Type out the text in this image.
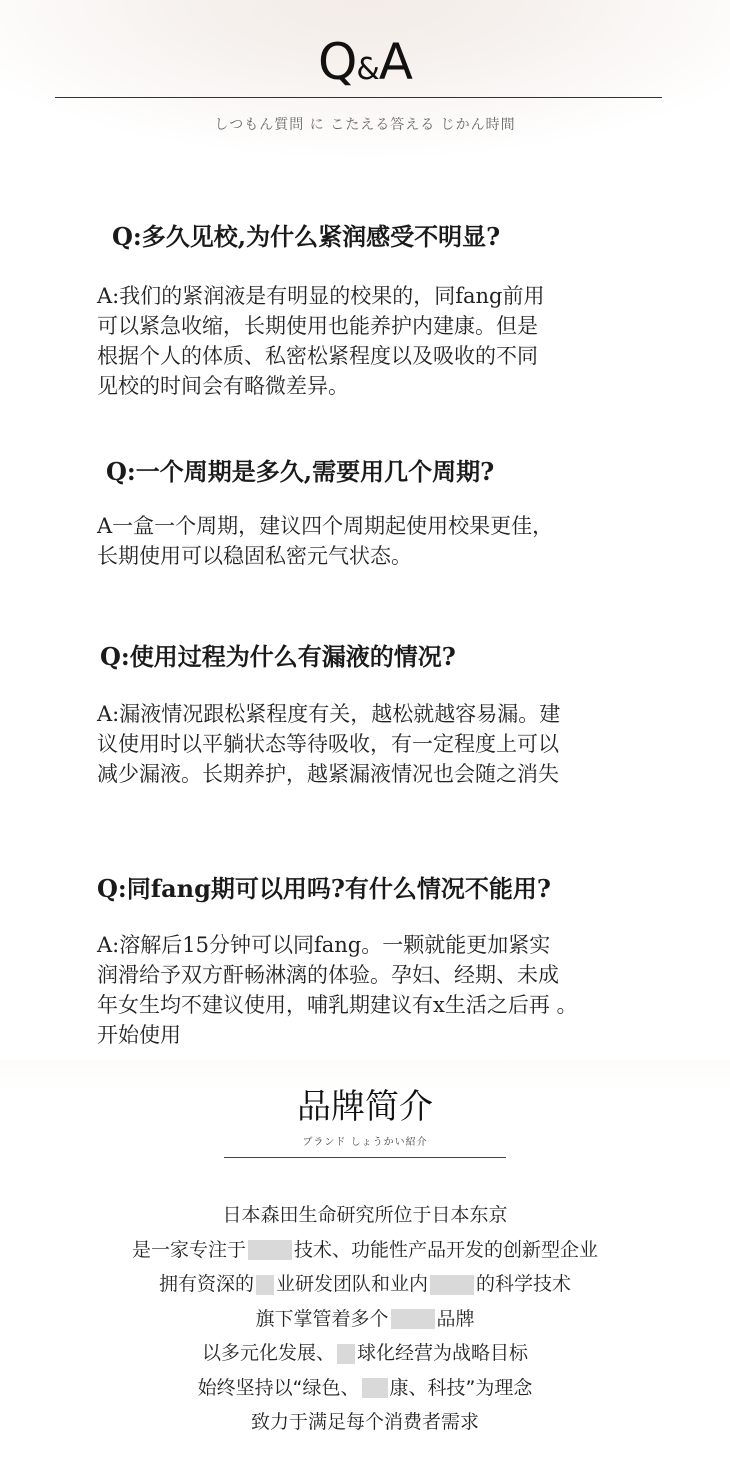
Q&A
しつもん質問 に こたえる答える じかん時間
Q:多久见校,为什么紧润感受不明显?
A:我们的紧润液是有明显的校果的，同fang前用
可以紧急收缩，长期使用也能养护内建康。但是
根据个人的体质、私密松紧程度以及吸收的不同
见校的时间会有略微差异。
Q:一个周期是多久,需要用几个周期?
A一盒一个周期，建议四个周期起使用校果更佳，
长期使用可以稳固私密元气状态。
Q:使用过程为什么有漏液的情况?
A:漏液情况跟松紧程度有关，越松就越容易漏。建
议使用时以平躺状态等待吸收，有一定程度上可以
减少漏液。长期养护，越紧漏液情况也会随之消失
Q:同fang期可以用吗?有什么情况不能用?
A:溶解后15分钟可以同fang。一颗就能更加紧实
润滑给予双方酐畅淋漓的体验。孕妇、经期、未成
年女生均不建议使用，哺乳期建议有x生活之后再 。
开始使用
品牌简介
ブランド しょうかい紹介
日本森田生命研究所位于日本东京
是一家专注于	技术、功能性产品开发的创新型企业
拥有资深的 业研发团队和业内	的科学技术
旗下掌管着多个	品牌
以多元化发展、 球化经营为战略目标
始终坚持以“绿色、 康、科技”为理念
致力于满足每个消费者需求
